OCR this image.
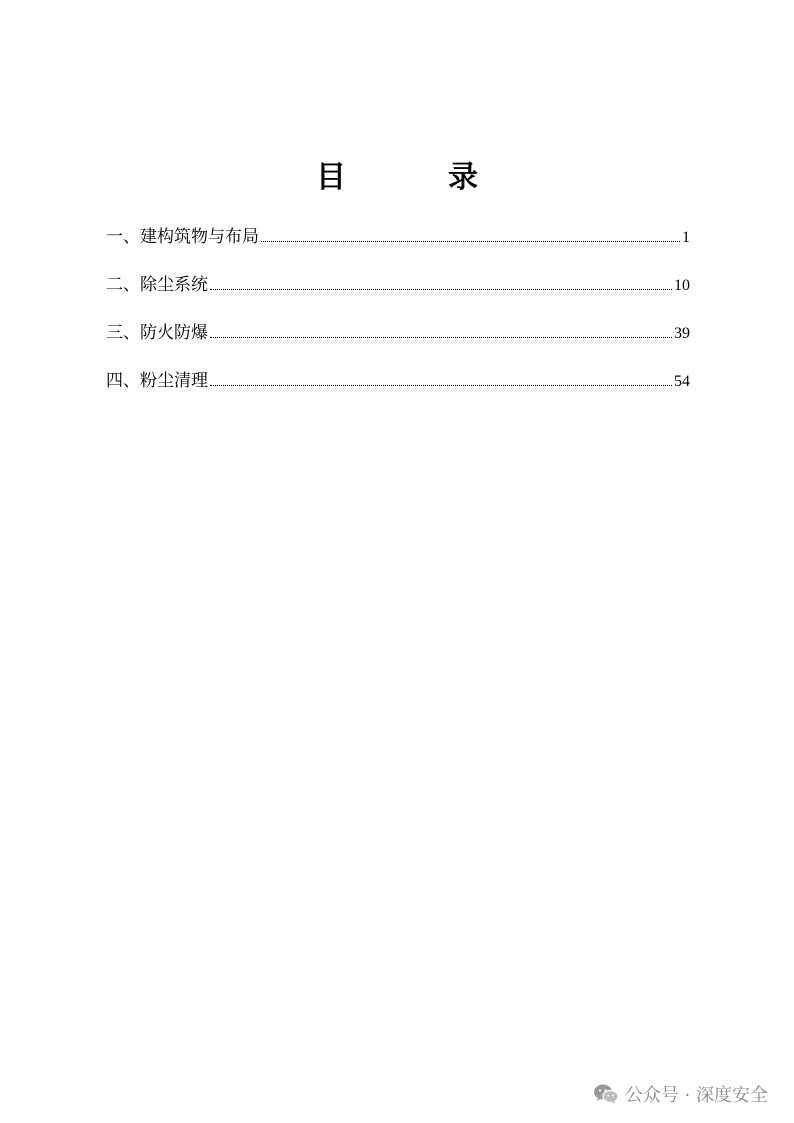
目　录
一、建构筑物与布局	1
二、除尘系统	10
三、防火防爆	39
四、粉尘清理	54
公众号 · 深度安全
